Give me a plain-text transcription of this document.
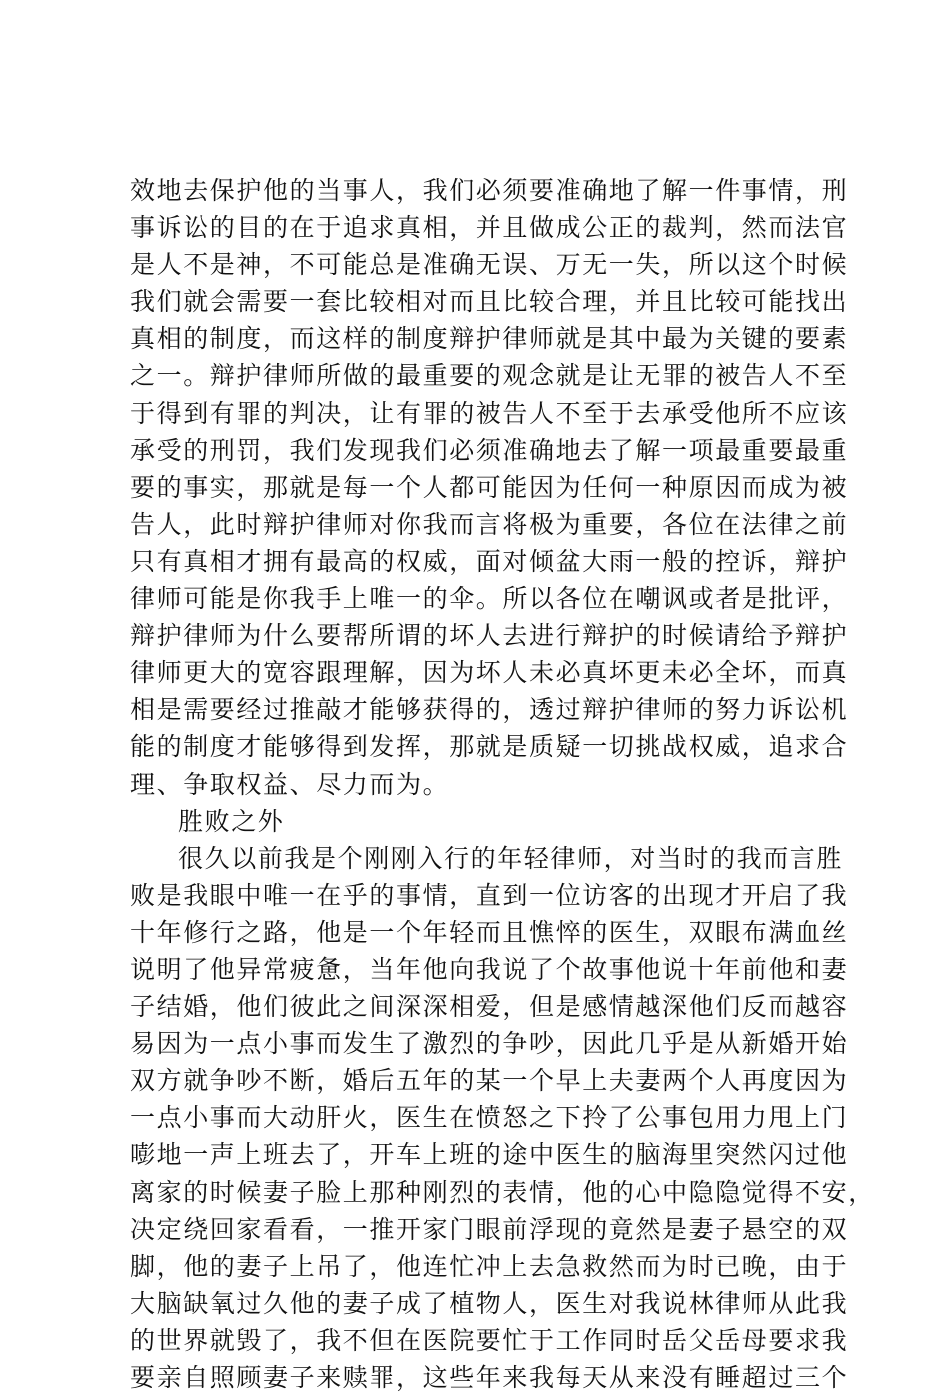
效地去保护他的当事人，我们必须要准确地了解一件事情，刑
事诉讼的目的在于追求真相，并且做成公正的裁判，然而法官
是人不是神，不可能总是准确无误、万无一失，所以这个时候
我们就会需要一套比较相对而且比较合理，并且比较可能找出
真相的制度，而这样的制度辩护律师就是其中最为关键的要素
之一。辩护律师所做的最重要的观念就是让无罪的被告人不至
于得到有罪的判决，让有罪的被告人不至于去承受他所不应该
承受的刑罚，我们发现我们必须准确地去了解一项最重要最重
要的事实，那就是每一个人都可能因为任何一种原因而成为被
告人，此时辩护律师对你我而言将极为重要，各位在法律之前
只有真相才拥有最高的权威，面对倾盆大雨一般的控诉，辩护
律师可能是你我手上唯一的伞。所以各位在嘲讽或者是批评，
辩护律师为什么要帮所谓的坏人去进行辩护的时候请给予辩护
律师更大的宽容跟理解，因为坏人未必真坏更未必全坏，而真
相是需要经过推敲才能够获得的，透过辩护律师的努力诉讼机
能的制度才能够得到发挥，那就是质疑一切挑战权威，追求合
理、争取权益、尽力而为。
胜败之外
很久以前我是个刚刚入行的年轻律师，对当时的我而言胜
败是我眼中唯一在乎的事情，直到一位访客的出现才开启了我
十年修行之路，他是一个年轻而且憔悴的医生，双眼布满血丝
说明了他异常疲惫，当年他向我说了个故事他说十年前他和妻
子结婚，他们彼此之间深深相爱，但是感情越深他们反而越容
易因为一点小事而发生了激烈的争吵，因此几乎是从新婚开始
双方就争吵不断，婚后五年的某一个早上夫妻两个人再度因为
一点小事而大动肝火，医生在愤怒之下拎了公事包用力甩上门
嘭地一声上班去了，开车上班的途中医生的脑海里突然闪过他
离家的时候妻子脸上那种刚烈的表情，他的心中隐隐觉得不安，
决定绕回家看看，一推开家门眼前浮现的竟然是妻子悬空的双
脚，他的妻子上吊了，他连忙冲上去急救然而为时已晚，由于
大脑缺氧过久他的妻子成了植物人，医生对我说林律师从此我
的世界就毁了，我不但在医院要忙于工作同时岳父岳母要求我
要亲自照顾妻子来赎罪，这些年来我每天从来没有睡超过三个
